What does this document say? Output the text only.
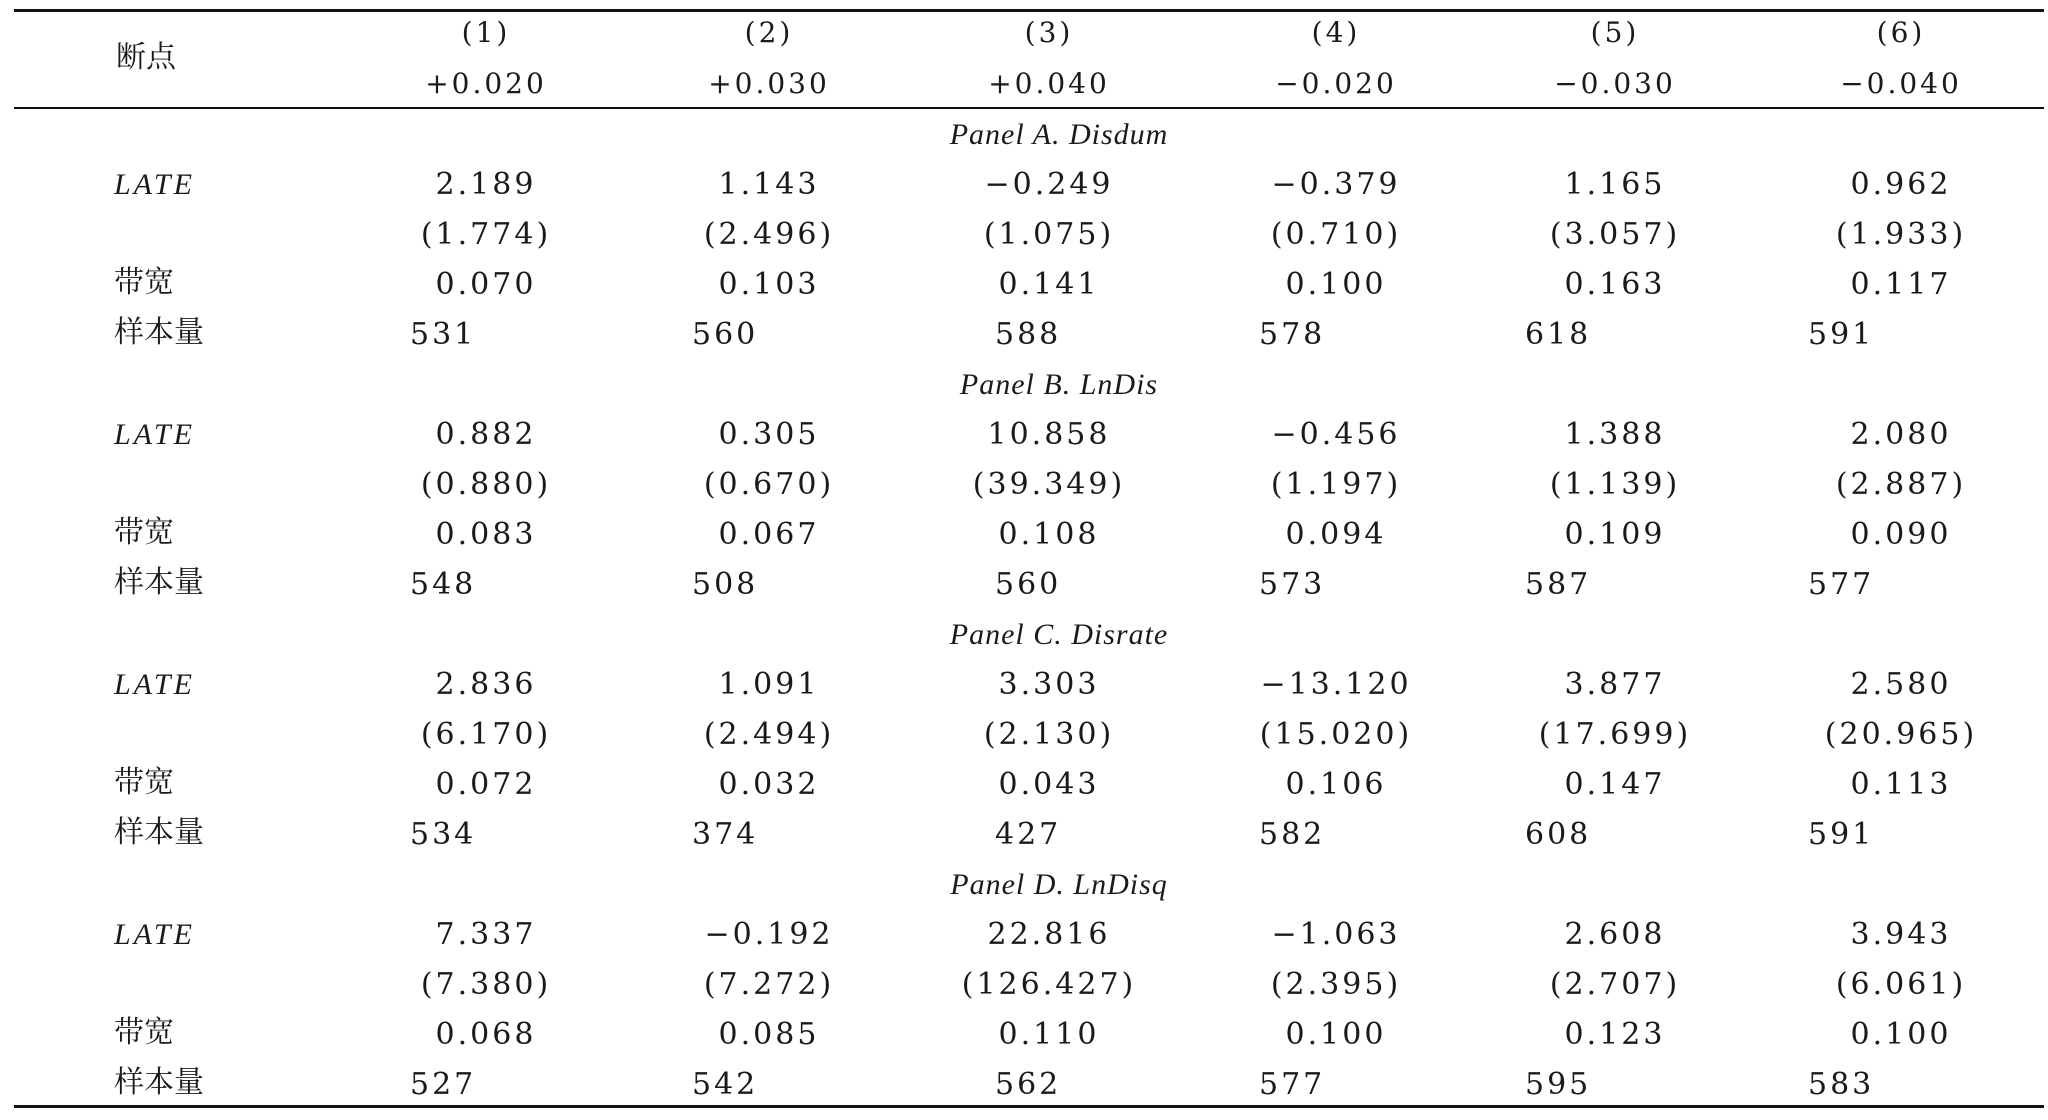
断点
(1)
+0.020
(2)
+0.030
(3)
+0.040
(4)
−0.020
(5)
−0.030
(6)
−0.040
Panel A. Disdum
LATE
带宽
样本量
2.189
(1.774)
0.070
531
1.143
(2.496)
0.103
560
−0.249
(1.075)
0.141
588
−0.379
(0.710)
0.100
578
1.165
(3.057)
0.163
618
0.962
(1.933)
0.117
591
Panel B. LnDis
LATE
带宽
样本量
0.882
(0.880)
0.083
548
0.305
(0.670)
0.067
508
10.858
(39.349)
0.108
560
−0.456
(1.197)
0.094
573
1.388
(1.139)
0.109
587
2.080
(2.887)
0.090
577
Panel C. Disrate
LATE
带宽
样本量
2.836
(6.170)
0.072
534
1.091
(2.494)
0.032
374
3.303
(2.130)
0.043
427
−13.120
(15.020)
0.106
582
3.877
(17.699)
0.147
608
2.580
(20.965)
0.113
591
Panel D. LnDisq
LATE
带宽
样本量
7.337
(7.380)
0.068
527
−0.192
(7.272)
0.085
542
22.816
(126.427)
0.110
562
−1.063
(2.395)
0.100
577
2.608
(2.707)
0.123
595
3.943
(6.061)
0.100
583
